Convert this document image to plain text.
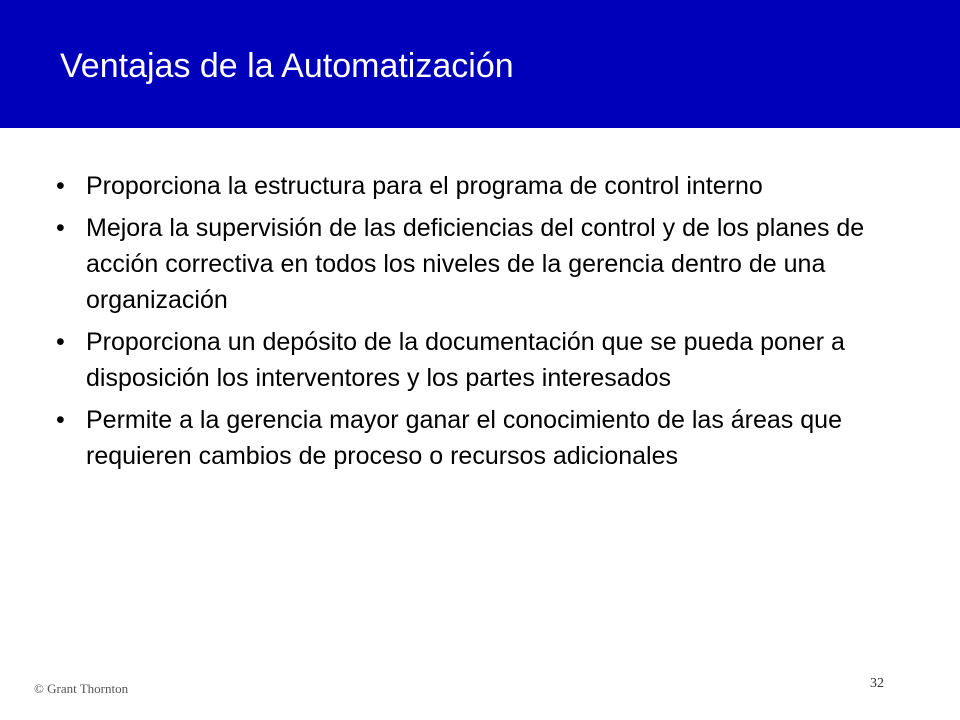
Ventajas de la Automatización
• Proporciona la estructura para el programa de control interno
• Mejora la supervisión de las deficiencias del control y de los planes de acción correctiva en todos los niveles de la gerencia dentro de una organización
• Proporciona un depósito de la documentación que se pueda poner a disposición los interventores y los partes interesados
• Permite a la gerencia mayor ganar el conocimiento de las áreas que requieren cambios de proceso o recursos adicionales
© Grant Thornton	32
